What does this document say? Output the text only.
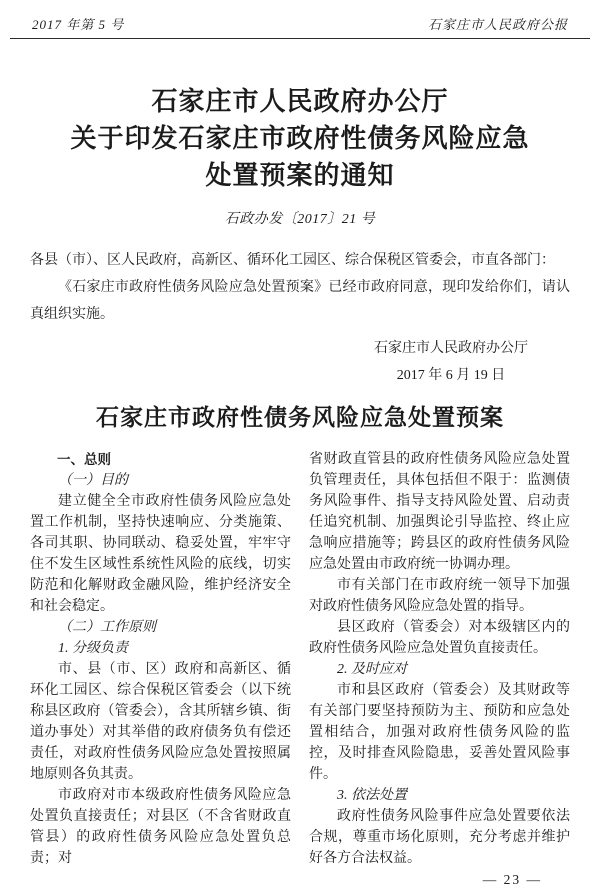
2017 年第 5 号	石家庄市人民政府公报
石家庄市人民政府办公厅
关于印发石家庄市政府性债务风险应急
处置预案的通知
石政办发〔2017〕21 号

各县（市）、区人民政府，高新区、循环化工园区、综合保税区管委会，市直各部门：

《石家庄市政府性债务风险应急处置预案》已经市政府同意，现印发给你们，请认真组织实施。

石家庄市人民政府办公厅
2017 年 6 月 19 日
石家庄市政府性债务风险应急处置预案
一、总则
（一）目的
建立健全全市政府性债务风险应急处置工作机制，坚持快速响应、分类施策、各司其职、协同联动、稳妥处置，牢牢守住不发生区域性系统性风险的底线，切实防范和化解财政金融风险，维护经济安全和社会稳定。
（二）工作原则
1. 分级负责
市、县（市、区）政府和高新区、循环化工园区、综合保税区管委会（以下统称县区政府（管委会），含其所辖乡镇、街道办事处）对其举借的政府债务负有偿还责任，对政府性债务风险应急处置按照属地原则各负其责。
市政府对市本级政府性债务风险应急处置负直接责任；对县区（不含省财政直管县）的政府性债务风险应急处置负总责；对
省财政直管县的政府性债务风险应急处置负管理责任，具体包括但不限于：监测债务风险事件、指导支持风险处置、启动责任追究机制、加强舆论引导监控、终止应急响应措施等；跨县区的政府性债务风险应急处置由市政府统一协调办理。
市有关部门在市政府统一领导下加强对政府性债务风险应急处置的指导。
县区政府（管委会）对本级辖区内的政府性债务风险应急处置负直接责任。
2. 及时应对
市和县区政府（管委会）及其财政等有关部门要坚持预防为主、预防和应急处置相结合，加强对政府性债务风险的监控，及时排查风险隐患，妥善处置风险事件。
3. 依法处置
政府性债务风险事件应急处置要依法合规，尊重市场化原则，充分考虑并维护好各方合法权益。
— 23 —
